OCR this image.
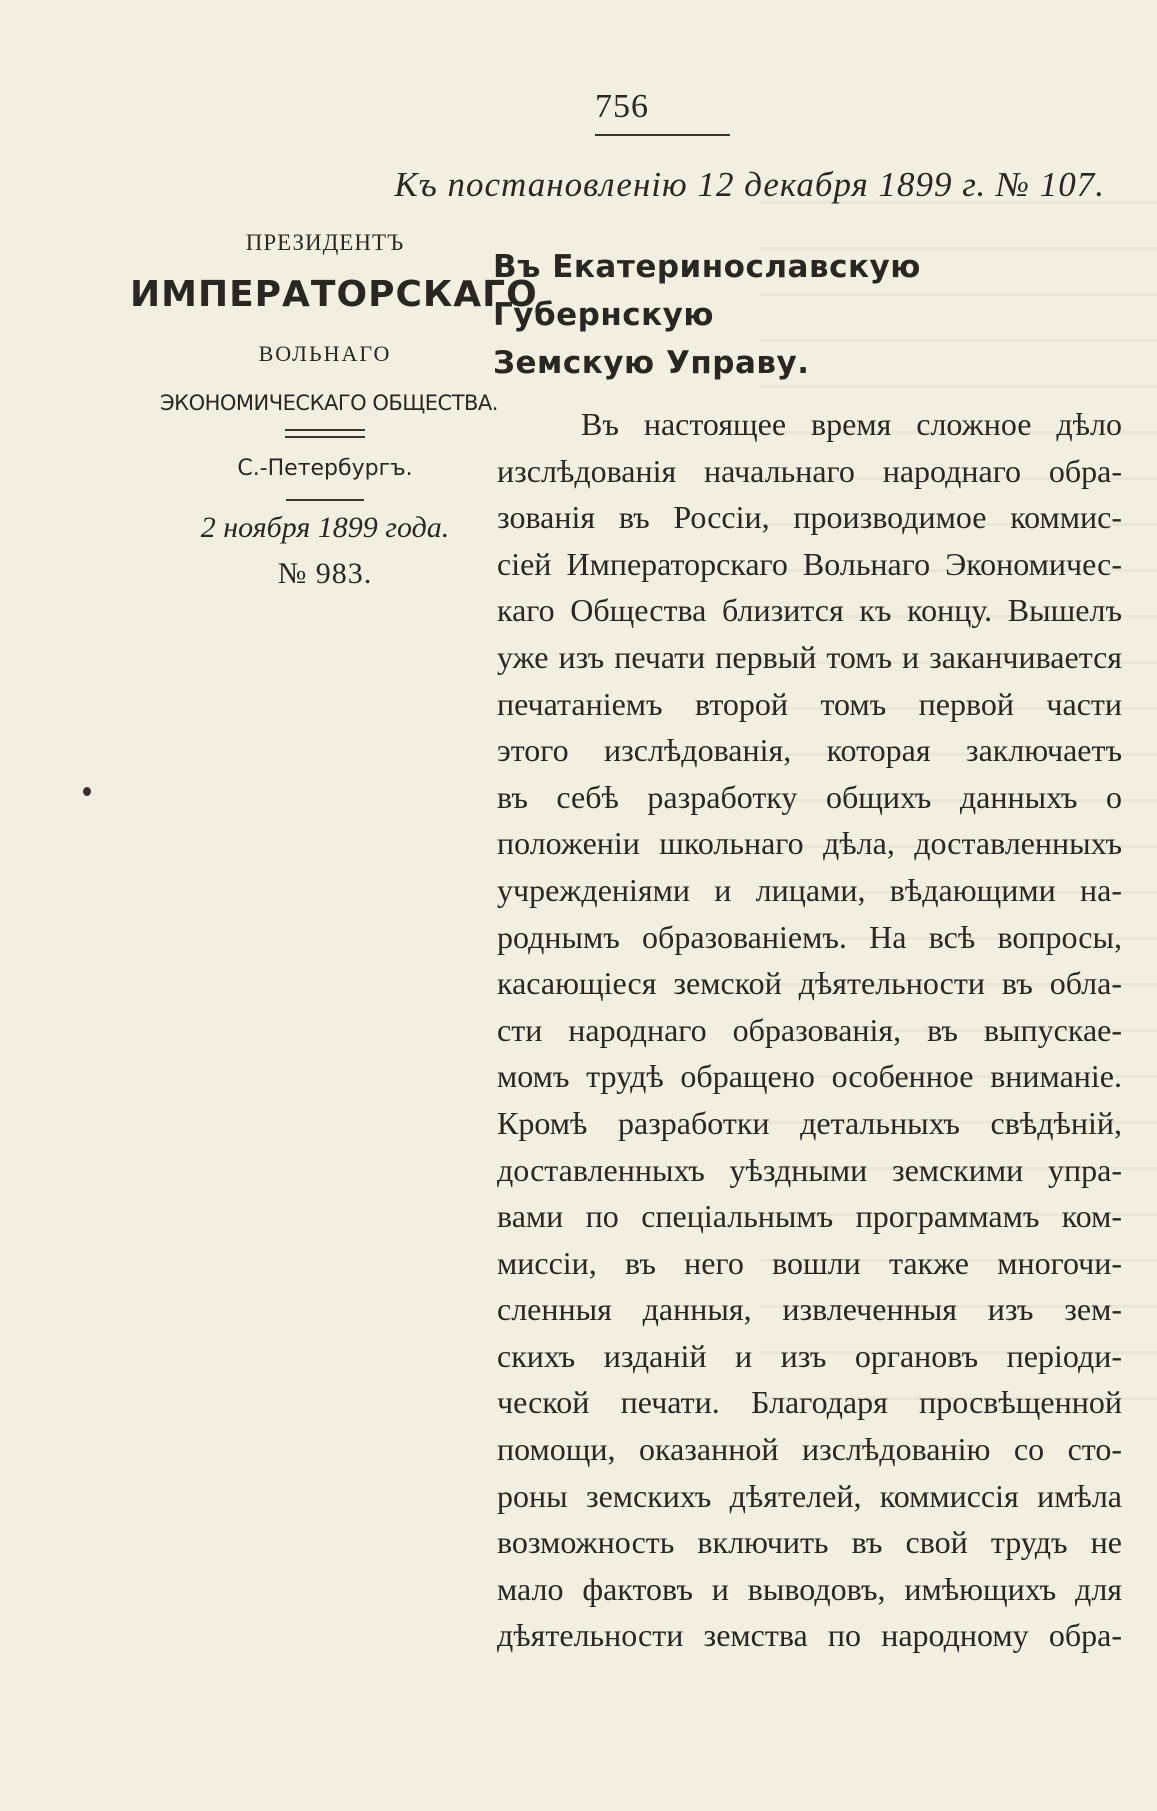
756
Къ постановленію 12 декабря 1899 г. № 107.
ПРЕЗИДЕНТЪ
ИМПЕРАТОРСКАГО
ВОЛЬНАГО
ЭКОНОМИЧЕСКАГО ОБЩЕСТВА.
С.-Петербургъ.
2 ноября 1899 года.
№ 983.
Въ Екатеринославскую Губернскую
Земскую Управу.
Въ настоящее время сложное дѣло
изслѣдованія начальнаго народнаго обра-
зованія въ Россіи, производимое коммис-
сіей Императорскаго Вольнаго Экономичес-
каго Общества близится къ концу. Вышелъ
уже изъ печати первый томъ и заканчивается
печатаніемъ второй томъ первой части
этого изслѣдованія, которая заключаетъ
въ себѣ разработку общихъ данныхъ о
положеніи школьнаго дѣла, доставленныхъ
учрежденіями и лицами, вѣдающими на-
роднымъ образованіемъ. На всѣ вопросы,
касающіеся земской дѣятельности въ обла-
сти народнаго образованія, въ выпускае-
момъ трудѣ обращено особенное вниманіе.
Кромѣ разработки детальныхъ свѣдѣній,
доставленныхъ уѣздными земскими упра-
вами по спеціальнымъ программамъ ком-
миссіи, въ него вошли также многочи-
сленныя данныя, извлеченныя изъ зем-
скихъ изданій и изъ органовъ періоди-
ческой печати. Благодаря просвѣщенной
помощи, оказанной изслѣдованію со сто-
роны земскихъ дѣятелей, коммиссія имѣла
возможность включить въ свой трудъ не
мало фактовъ и выводовъ, имѣющихъ для
дѣятельности земства по народному обра-
